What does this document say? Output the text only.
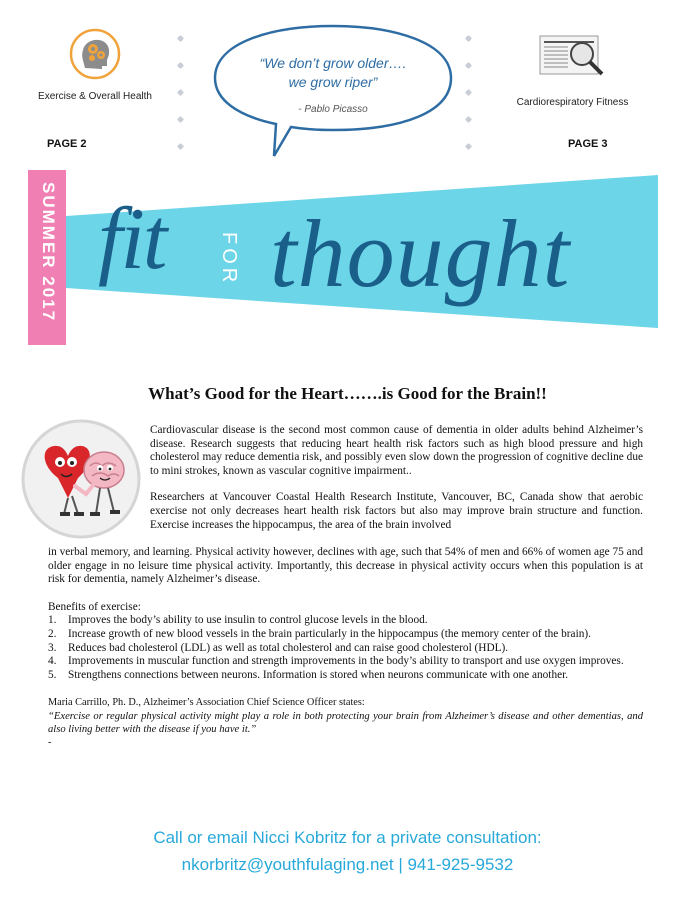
Exercise & Overall Health
PAGE 2
“We don’t grow older….
we grow riper”
- Pablo Picasso
Cardiorespiratory Fitness
PAGE 3
SUMMER 2017 fit	FOR thought
What’s Good for the Heart…….is Good for the Brain!!

Cardiovascular disease is the second most common cause of dementia in older adults behind Alzheimer’s disease. Research suggests that reducing heart health risk factors such as high blood pressure and high cholesterol may reduce dementia risk, and possibly even slow down the progression of cognitive decline due to mini strokes, known as vascular cognitive impairment..

Researchers at Vancouver Coastal Health Research Institute, Vancouver, BC, Canada show that aerobic exercise not only decreases heart health risk factors but also may improve brain structure and function. Exercise increases the hippocampus, the area of the brain involved

in verbal memory, and learning. Physical activity however, declines with age, such that 54% of men and 66% of women age 75 and older engage in no leisure time physical activity. Importantly, this decrease in physical activity occurs when this population is at risk for dementia, namely Alzheimer’s disease.

Benefits of exercise:

1. Improves the body’s ability to use insulin to control glucose levels in the blood.
2. Increase growth of new blood vessels in the brain particularly in the hippocampus (the memory center of the brain).
3. Reduces bad cholesterol (LDL) as well as total cholesterol and can raise good cholesterol (HDL).
4. Improvements in muscular function and strength improvements in the body’s ability to transport and use oxygen improves.
5. Strengthens connections between neurons. Information is stored when neurons communicate with one another.

Maria Carrillo, Ph. D., Alzheimer’s Association Chief Science Officer states:

“Exercise or regular physical activity might play a role in both protecting your brain from Alzheimer’s disease and other dementias, and also living better with the disease if you have it.”

-

Call or email Nicci Kobritz for a private consultation:
nkorbritz@youthfulaging.net | 941-925-9532
